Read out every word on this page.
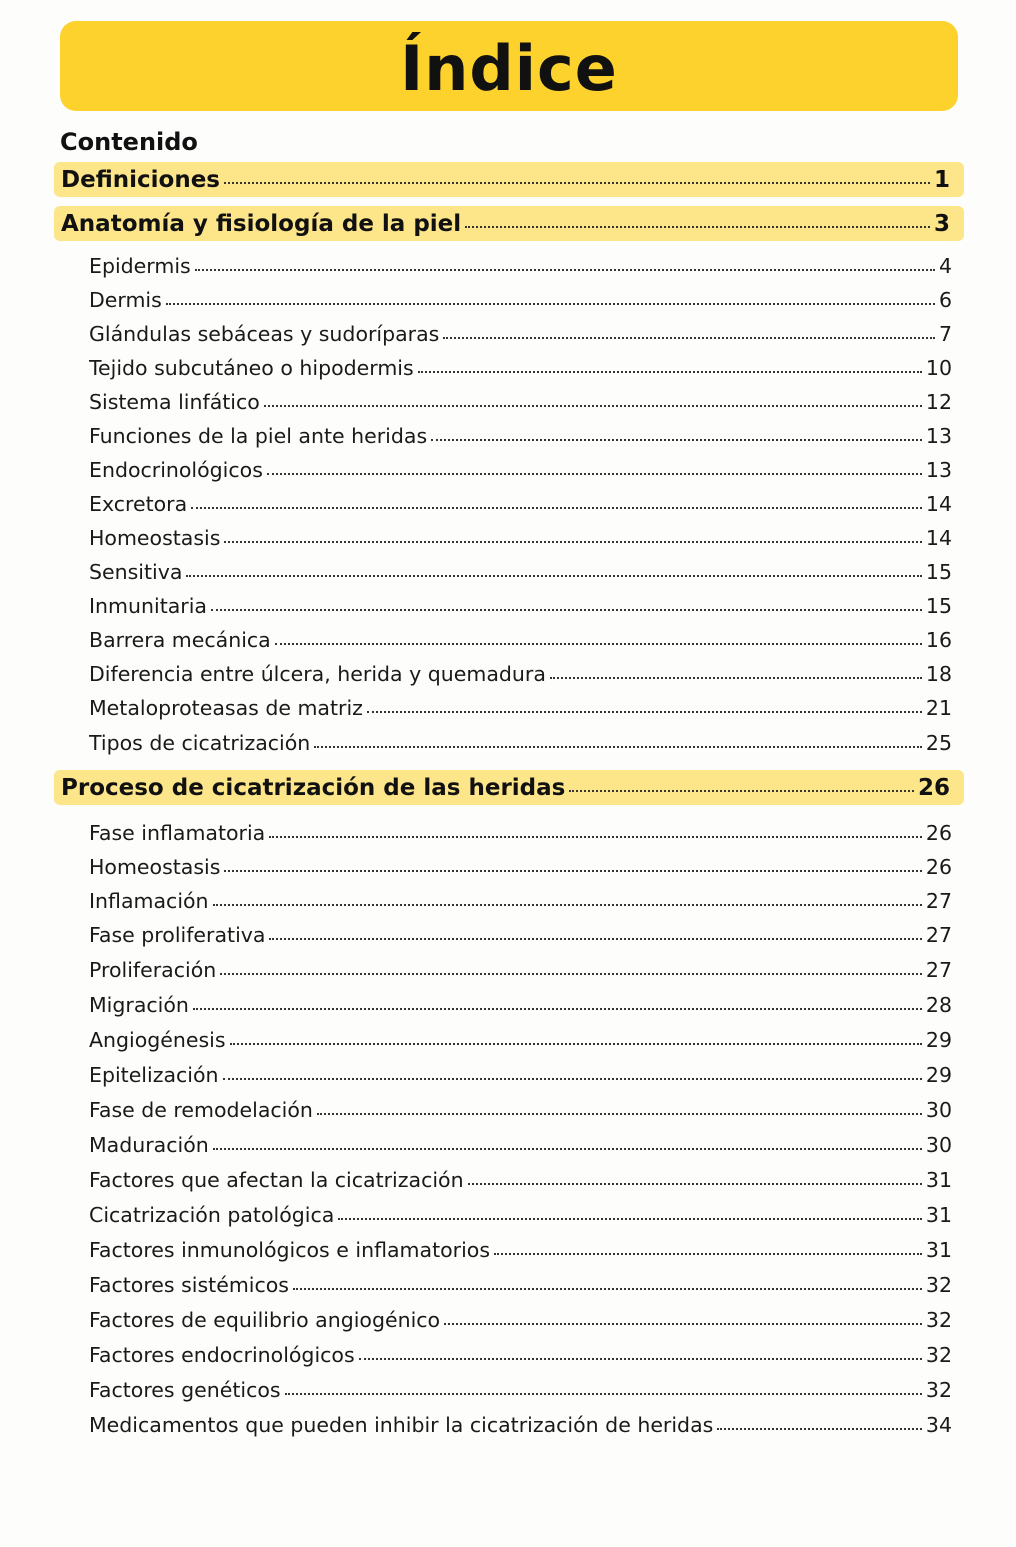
Índice
Contenido
Definiciones	1
Anatomía y fisiología de la piel	3
Epidermis	4
Dermis	6
Glándulas sebáceas y sudoríparas	7
Tejido subcutáneo o hipodermis	10
Sistema linfático	12
Funciones de la piel ante heridas	13
Endocrinológicos	13
Excretora	14
Homeostasis	14
Sensitiva	15
Inmunitaria	15
Barrera mecánica	16
Diferencia entre úlcera, herida y quemadura	18
Metaloproteasas de matriz	21
Tipos de cicatrización	25
Proceso de cicatrización de las heridas	26
Fase inflamatoria	26
Homeostasis	26
Inflamación	27
Fase proliferativa	27
Proliferación	27
Migración	28
Angiogénesis	29
Epitelización	29
Fase de remodelación	30
Maduración	30
Factores que afectan la cicatrización	31
Cicatrización patológica	31
Factores inmunológicos e inflamatorios	31
Factores sistémicos	32
Factores de equilibrio angiogénico	32
Factores endocrinológicos	32
Factores genéticos	32
Medicamentos que pueden inhibir la cicatrización de heridas	34
